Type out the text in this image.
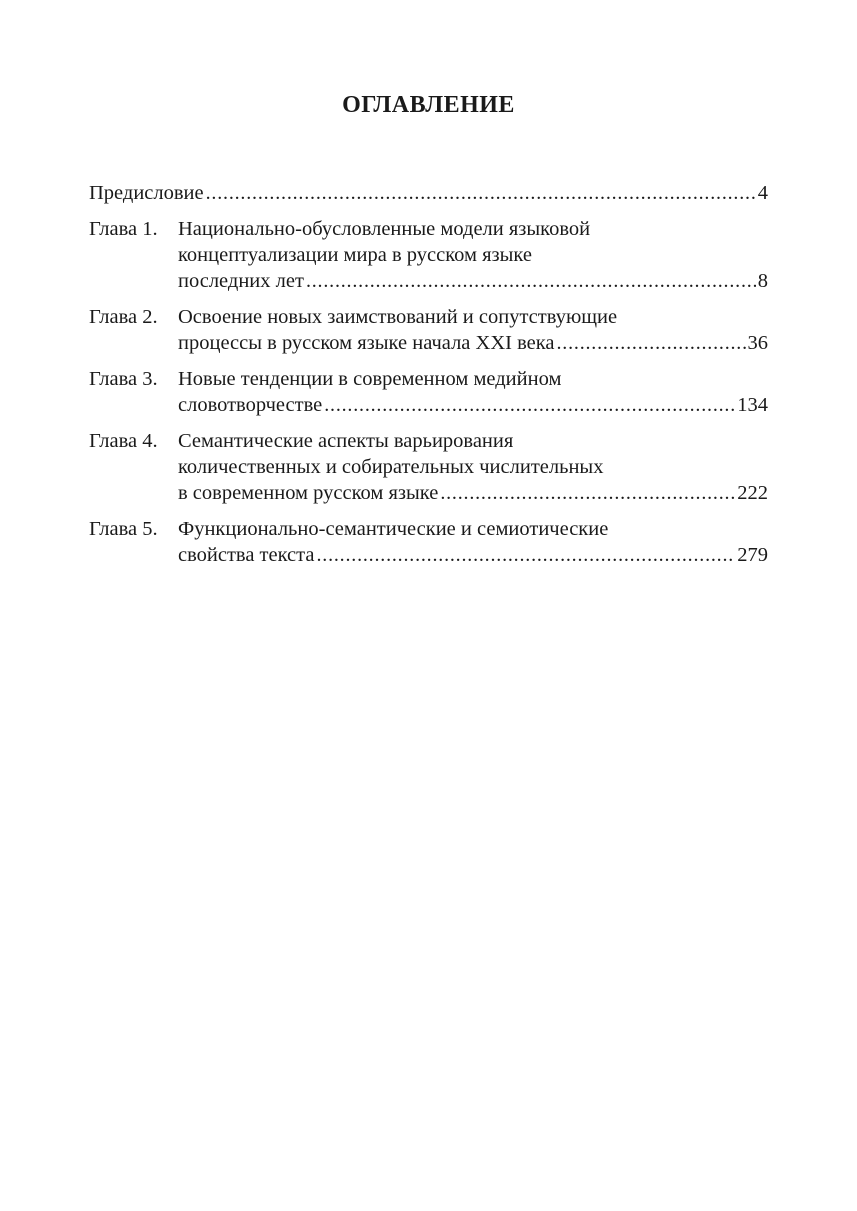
ОГЛАВЛЕНИЕ
Предисловие . . .	4
Глава 1. Национально-обусловленные модели языковой
концептуализации мира в русском языке
последних лет . . .	8
Глава 2. Освоение новых заимствований и сопутствующие
процессы в русском языке начала XXI века . . .	36
Глава 3. Новые тенденции в современном медийном
словотворчестве . . .	134
Глава 4. Семантические аспекты варьирования
количественных и собирательных числительных
в современном русском языке . . .	222
Глава 5. Функционально-семантические и семиотические
свойства текста . . .	279
